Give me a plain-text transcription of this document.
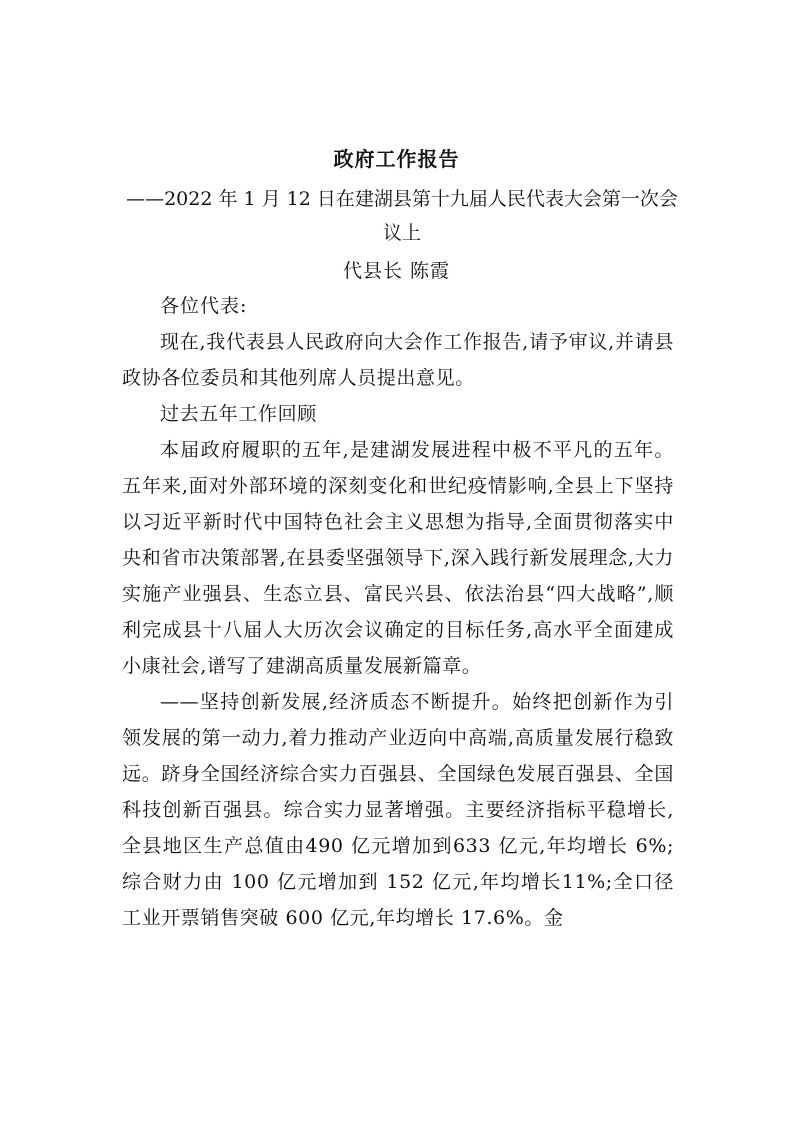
政府工作报告
——2022 年 1 月 12 日在建湖县第十九届人民代表大会第一次会议上
代县长 陈霞

各位代表:

现在,我代表县人民政府向大会作工作报告,请予审议,并请县政协各位委员和其他列席人员提出意见。

过去五年工作回顾

本届政府履职的五年,是建湖发展进程中极不平凡的五年。五年来,面对外部环境的深刻变化和世纪疫情影响,全县上下坚持以习近平新时代中国特色社会主义思想为指导,全面贯彻落实中央和省市决策部署,在县委坚强领导下,深入践行新发展理念,大力实施产业强县、生态立县、富民兴县、依法治县“四大战略”,顺利完成县十八届人大历次会议确定的目标任务,高水平全面建成小康社会,谱写了建湖高质量发展新篇章。

——坚持创新发展,经济质态不断提升。始终把创新作为引领发展的第一动力,着力推动产业迈向中高端,高质量发展行稳致远。跻身全国经济综合实力百强县、全国绿色发展百强县、全国科技创新百强县。综合实力显著增强。主要经济指标平稳增长,全县地区生产总值由490 亿元增加到633 亿元,年均增长 6%;综合财力由 100 亿元增加到 152 亿元,年均增长11%;全口径工业开票销售突破 600 亿元,年均增长 17.6%。金
